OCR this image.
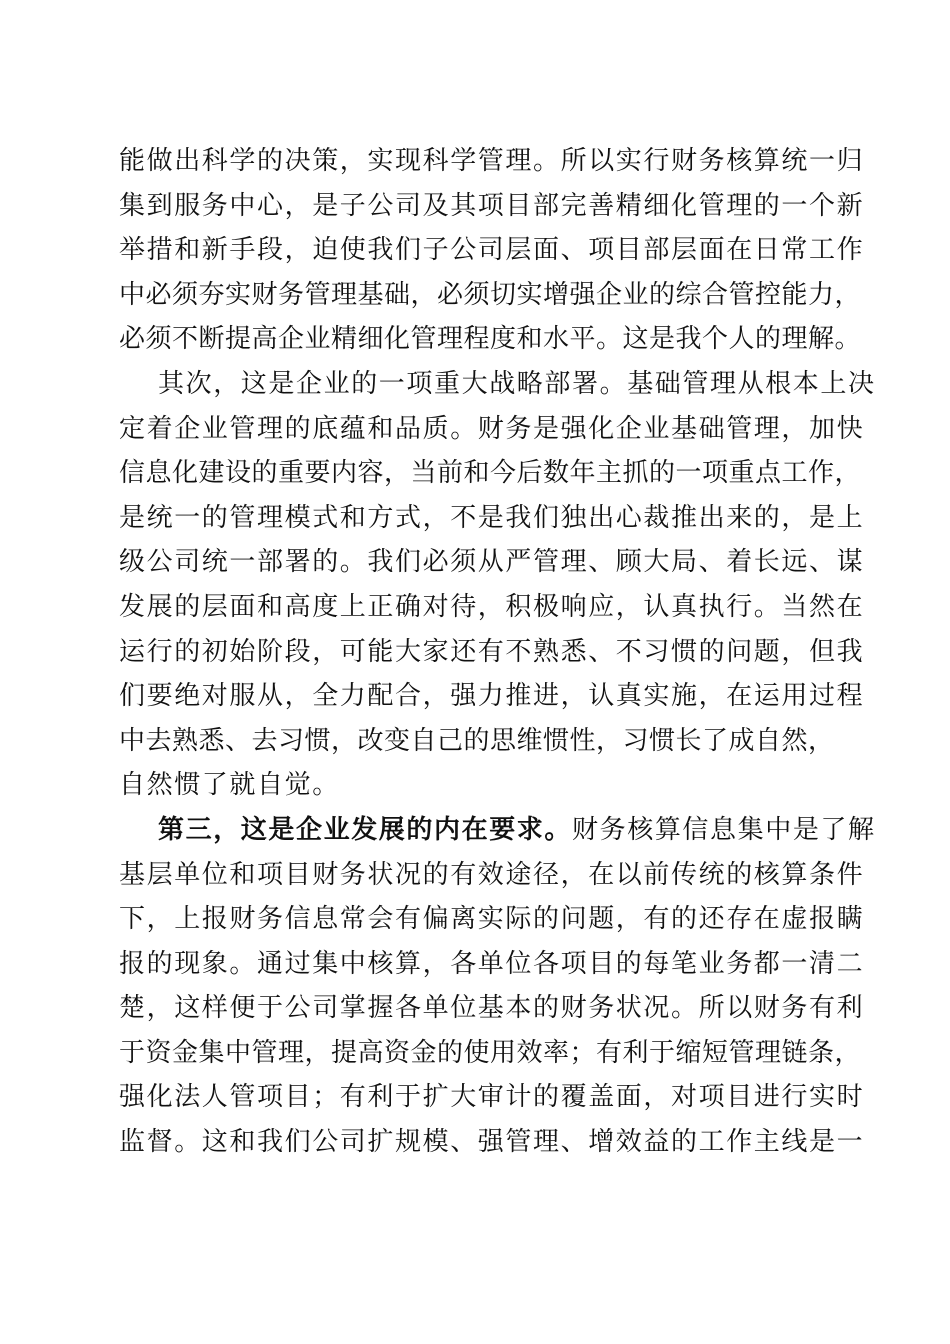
能做出科学的决策，实现科学管理。所以实行财务核算统一归
集到服务中心，是子公司及其项目部完善精细化管理的一个新
举措和新手段，迫使我们子公司层面、项目部层面在日常工作
中必须夯实财务管理基础，必须切实增强企业的综合管控能力，
必须不断提高企业精细化管理程度和水平。这是我个人的理解。
其次，这是企业的一项重大战略部署。基础管理从根本上决
定着企业管理的底蕴和品质。财务是强化企业基础管理，加快
信息化建设的重要内容，当前和今后数年主抓的一项重点工作，
是统一的管理模式和方式，不是我们独出心裁推出来的，是上
级公司统一部署的。我们必须从严管理、顾大局、着长远、谋
发展的层面和高度上正确对待，积极响应，认真执行。当然在
运行的初始阶段，可能大家还有不熟悉、不习惯的问题，但我
们要绝对服从，全力配合，强力推进，认真实施，在运用过程
中去熟悉、去习惯，改变自己的思维惯性，习惯长了成自然，
自然惯了就自觉。
第三，这是企业发展的内在要求。财务核算信息集中是了解
基层单位和项目财务状况的有效途径，在以前传统的核算条件
下，上报财务信息常会有偏离实际的问题，有的还存在虚报瞒
报的现象。通过集中核算，各单位各项目的每笔业务都一清二
楚，这样便于公司掌握各单位基本的财务状况。所以财务有利
于资金集中管理，提高资金的使用效率；有利于缩短管理链条，
强化法人管项目；有利于扩大审计的覆盖面，对项目进行实时
监督。这和我们公司扩规模、强管理、增效益的工作主线是一
